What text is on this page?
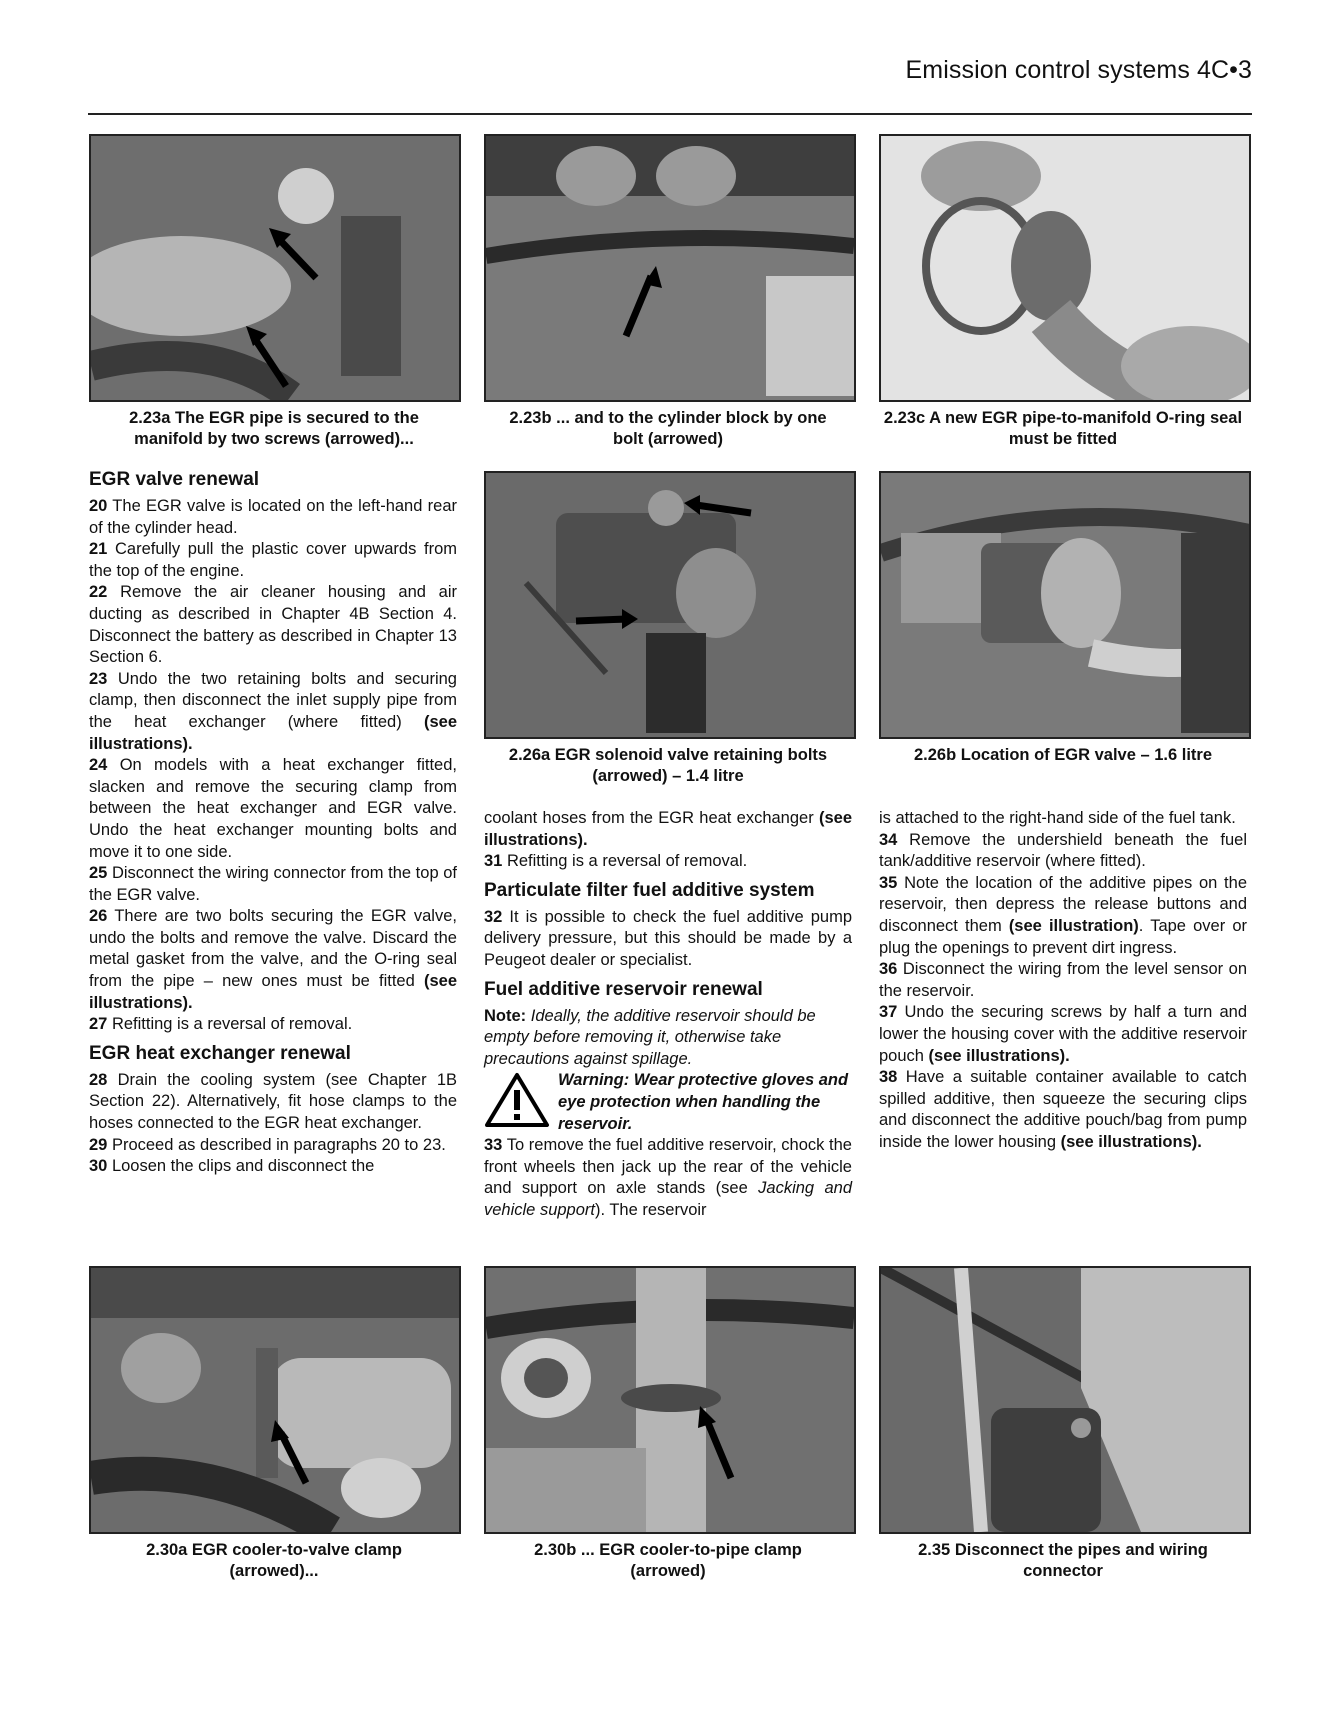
Emission control systems 4C•3
2.23a The EGR pipe is secured to the manifold by two screws (arrowed)...
2.23b ... and to the cylinder block by one bolt (arrowed)
2.23c A new EGR pipe-to-manifold O-ring seal must be fitted
2.26a EGR solenoid valve retaining bolts (arrowed) – 1.4 litre
2.26b Location of EGR valve – 1.6 litre
2.30a EGR cooler-to-valve clamp (arrowed)...
2.30b ... EGR cooler-to-pipe clamp (arrowed)
2.35 Disconnect the pipes and wiring connector
EGR valve renewal

20 The EGR valve is located on the left-hand rear of the cylinder head.

21 Carefully pull the plastic cover upwards from the top of the engine.

22 Remove the air cleaner housing and air ducting as described in Chapter 4B Section 4. Disconnect the battery as described in Chapter 13 Section 6.

23 Undo the two retaining bolts and securing clamp, then disconnect the inlet supply pipe from the heat exchanger (where fitted) (see illustrations).

24 On models with a heat exchanger fitted, slacken and remove the securing clamp from between the heat exchanger and EGR valve. Undo the heat exchanger mounting bolts and move it to one side.

25 Disconnect the wiring connector from the top of the EGR valve.

26 There are two bolts securing the EGR valve, undo the bolts and remove the valve. Discard the metal gasket from the valve, and the O-ring seal from the pipe – new ones must be fitted (see illustrations).

27 Refitting is a reversal of removal.

EGR heat exchanger renewal

28 Drain the cooling system (see Chapter 1B Section 22). Alternatively, fit hose clamps to the hoses connected to the EGR heat exchanger.

29 Proceed as described in paragraphs 20 to 23.

30 Loosen the clips and disconnect the

coolant hoses from the EGR heat exchanger (see illustrations).

31 Refitting is a reversal of removal.

Particulate filter fuel additive system

32 It is possible to check the fuel additive pump delivery pressure, but this should be made by a Peugeot dealer or specialist.

Fuel additive reservoir renewal

Note: Ideally, the additive reservoir should be empty before removing it, otherwise take precautions against spillage.

Warning: Wear protective gloves and eye protection when handling the reservoir.

33 To remove the fuel additive reservoir, chock the front wheels then jack up the rear of the vehicle and support on axle stands (see Jacking and vehicle support). The reservoir

is attached to the right-hand side of the fuel tank.

34 Remove the undershield beneath the fuel tank/additive reservoir (where fitted).

35 Note the location of the additive pipes on the reservoir, then depress the release buttons and disconnect them (see illustration). Tape over or plug the openings to prevent dirt ingress.

36 Disconnect the wiring from the level sensor on the reservoir.

37 Undo the securing screws by half a turn and lower the housing cover with the additive reservoir pouch (see illustrations).

38 Have a suitable container available to catch spilled additive, then squeeze the securing clips and disconnect the additive pouch/bag from pump inside the lower housing (see illustrations).
